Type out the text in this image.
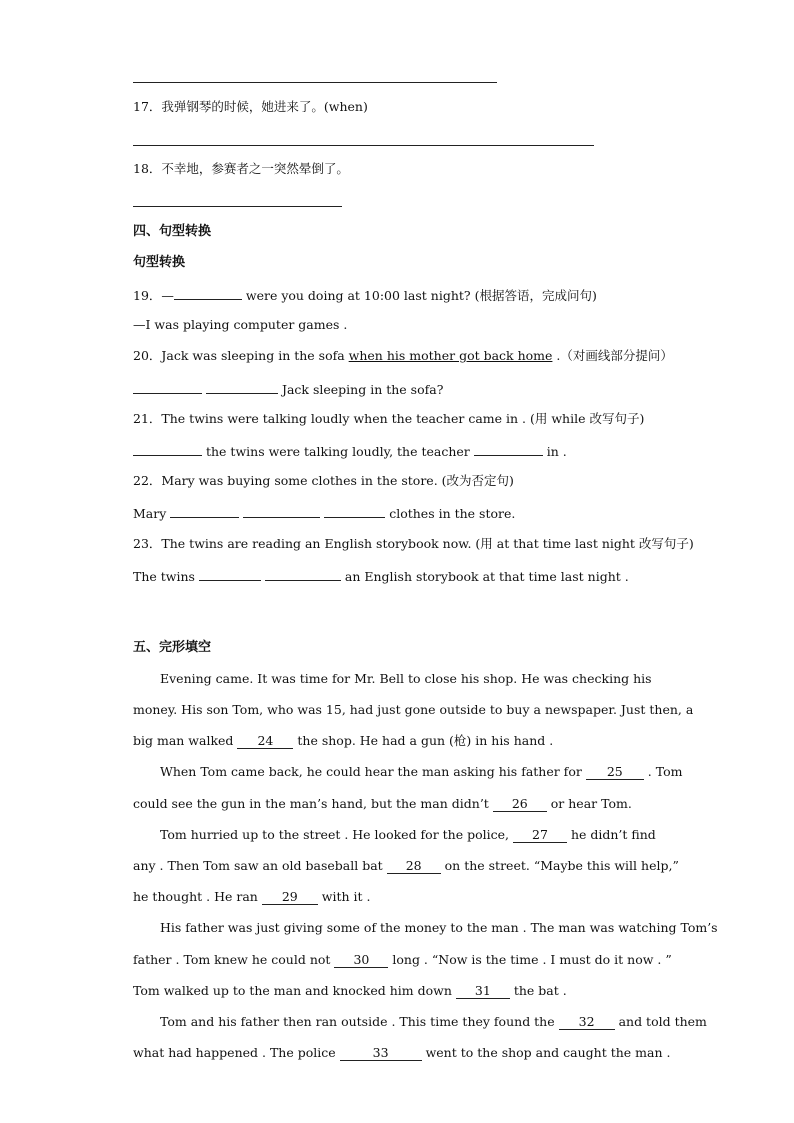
17．我弹钢琴的时候，她进来了。(when)
18．不幸地，参赛者之一突然晕倒了。
四、句型转换
句型转换
19．—	were you doing at 10:00 last night? (根据答语，完成问句)
—I was playing computer games .
20．Jack was sleeping in the sofa when his mother got back home .（对画线部分提问）
Jack sleeping in the sofa?
21．The twins were talking loudly when the teacher came in . (用 while 改写句子)
the twins were talking loudly, the teacher	in .
22．Mary was buying some clothes in the store. (改为否定句)
Mary	clothes in the store.
23．The twins are reading an English storybook now. (用 at that time last night 改写句子)
The twins	an English storybook at that time last night .
五、完形填空
Evening came. It was time for Mr. Bell to close his shop. He was checking his
money. His son Tom, who was 15, had just gone outside to buy a newspaper. Just then, a
big man walked 24 the shop. He had a gun (枪) in his hand .
When Tom came back, he could hear the man asking his father for 25 . Tom
could see the gun in the man’s hand, but the man didn’t 26 or hear Tom.
Tom hurried up to the street . He looked for the police, 27 he didn’t find
any . Then Tom saw an old baseball bat 28 on the street. “Maybe this will help,”
he thought . He ran 29 with it .
His father was just giving some of the money to the man . The man was watching Tom’s
father . Tom knew he could not 30 long . “Now is the time . I must do it now . ”
Tom walked up to the man and knocked him down 31 the bat .
Tom and his father then ran outside . This time they found the 32 and told them
what had happened . The police	33	went to the shop and caught the man .
